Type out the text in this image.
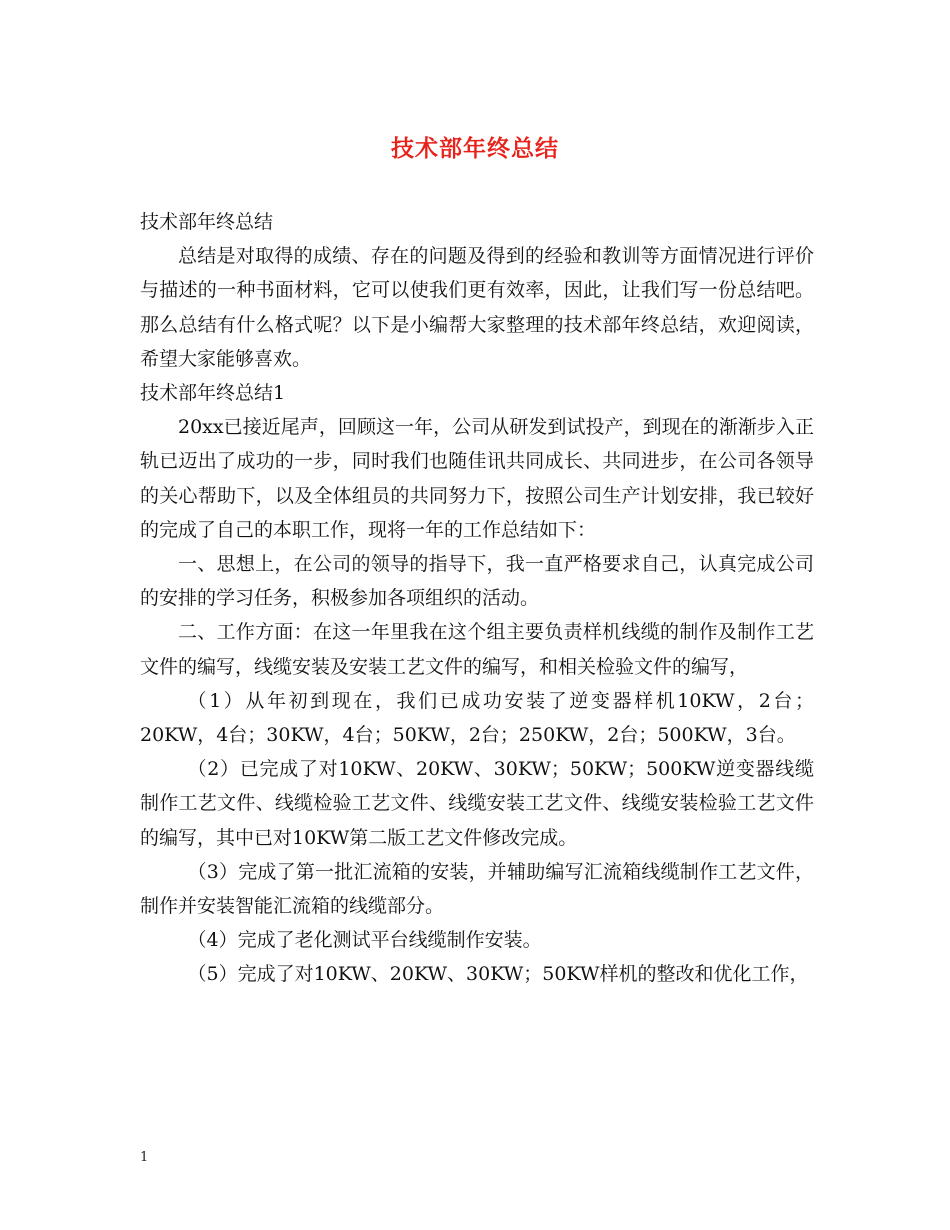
技术部年终总结

技术部年终总结

总结是对取得的成绩、存在的问题及得到的经验和教训等方面情况进行评价与描述的一种书面材料，它可以使我们更有效率，因此，让我们写一份总结吧。那么总结有什么格式呢？以下是小编帮大家整理的技术部年终总结，欢迎阅读，希望大家能够喜欢。

技术部年终总结1

20xx已接近尾声，回顾这一年，公司从研发到试投产，到现在的渐渐步入正轨已迈出了成功的一步，同时我们也随佳讯共同成长、共同进步，在公司各领导的关心帮助下，以及全体组员的共同努力下，按照公司生产计划安排，我已较好的完成了自己的本职工作，现将一年的工作总结如下：

一、思想上，在公司的领导的指导下，我一直严格要求自己，认真完成公司的安排的学习任务，积极参加各项组织的活动。

二、工作方面：在这一年里我在这个组主要负责样机线缆的制作及制作工艺文件的编写，线缆安装及安装工艺文件的编写，和相关检验文件的编写，

（1）从年初到现在，我们已成功安装了逆变器样机10KW，2台；20KW，4台；30KW，4台；50KW，2台；250KW，2台；500KW，3台。

（2）已完成了对10KW、20KW、30KW；50KW；500KW逆变器线缆制作工艺文件、线缆检验工艺文件、线缆安装工艺文件、线缆安装检验工艺文件的编写，其中已对10KW第二版工艺文件修改完成。

（3）完成了第一批汇流箱的安装，并辅助编写汇流箱线缆制作工艺文件，制作并安装智能汇流箱的线缆部分。

（4）完成了老化测试平台线缆制作安装。

（5）完成了对10KW、20KW、30KW；50KW样机的整改和优化工作，

1
